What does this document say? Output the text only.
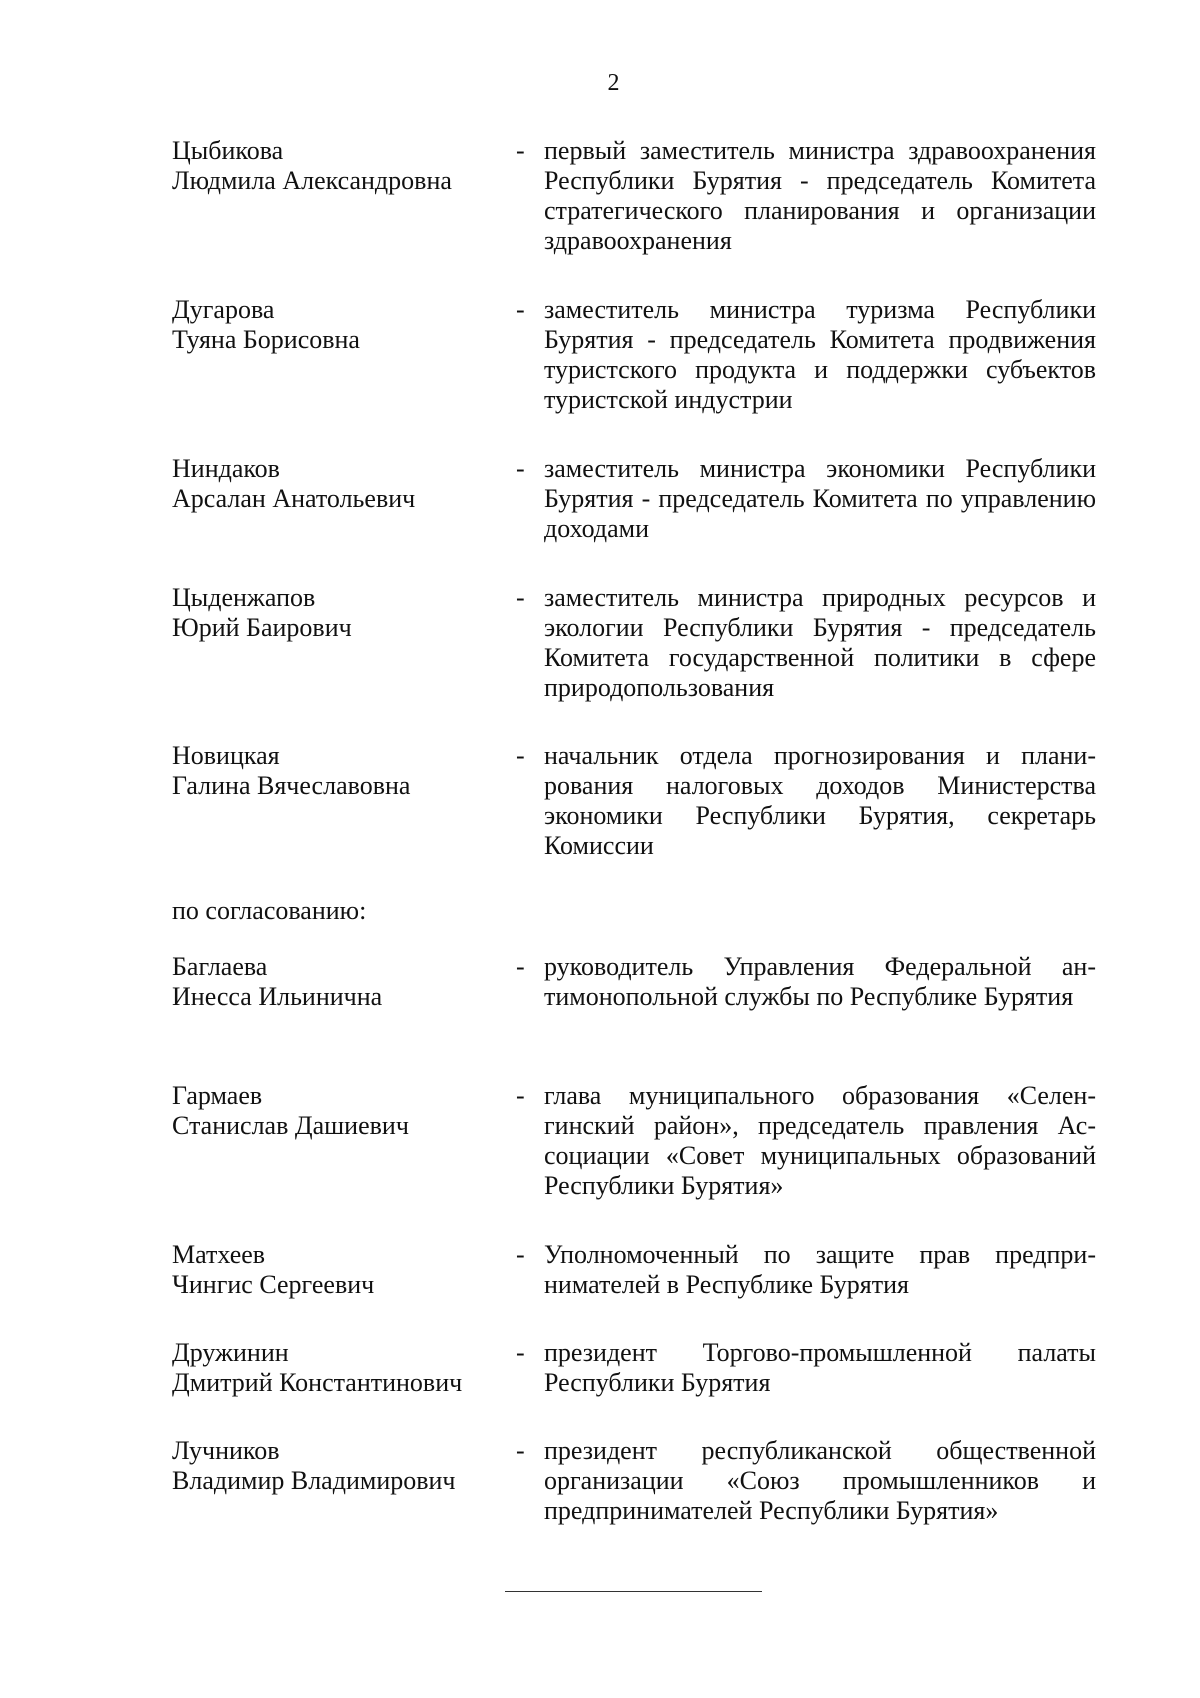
2
Цыбикова
Людмила Александровна
- первый заместитель министра здравоохранения Республики Бурятия - председатель Комитета стратегического планирования и организации здравоохранения
Дугарова
Туяна Борисовна
- заместитель министра туризма Республики Бурятия - председатель Комитета продвижения туристского продукта и поддержки субъектов туристской индустрии
Ниндаков
Арсалан Анатольевич
- заместитель министра экономики Республики Бурятия - председатель Комитета по управлению доходами
Цыденжапов
Юрий Баирович
- заместитель министра природных ресурсов и экологии Республики Бурятия - председатель Комитета государственной политики в сфере природопользования
Новицкая
Галина Вячеславовна
- начальник отдела прогнозирования и планирования налоговых доходов Министерства экономики Республики Бурятия, секретарь Комиссии
по согласованию:
Баглаева
Инесса Ильинична
- руководитель Управления Федеральной антимонопольной службы по Республике Бурятия
Гармаев
Станислав Дашиевич
- глава муниципального образования «Селенгинский район», председатель правления Ассоциации «Совет муниципальных образований Республики Бурятия»
Матхеев
Чингис Сергеевич
- Уполномоченный по защите прав предпринимателей в Республике Бурятия
Дружинин
Дмитрий Константинович
- президент Торгово-промышленной палаты Республики Бурятия
Лучников
Владимир Владимирович
- президент республиканской общественной организации «Союз промышленников и предпринимателей Республики Бурятия»
